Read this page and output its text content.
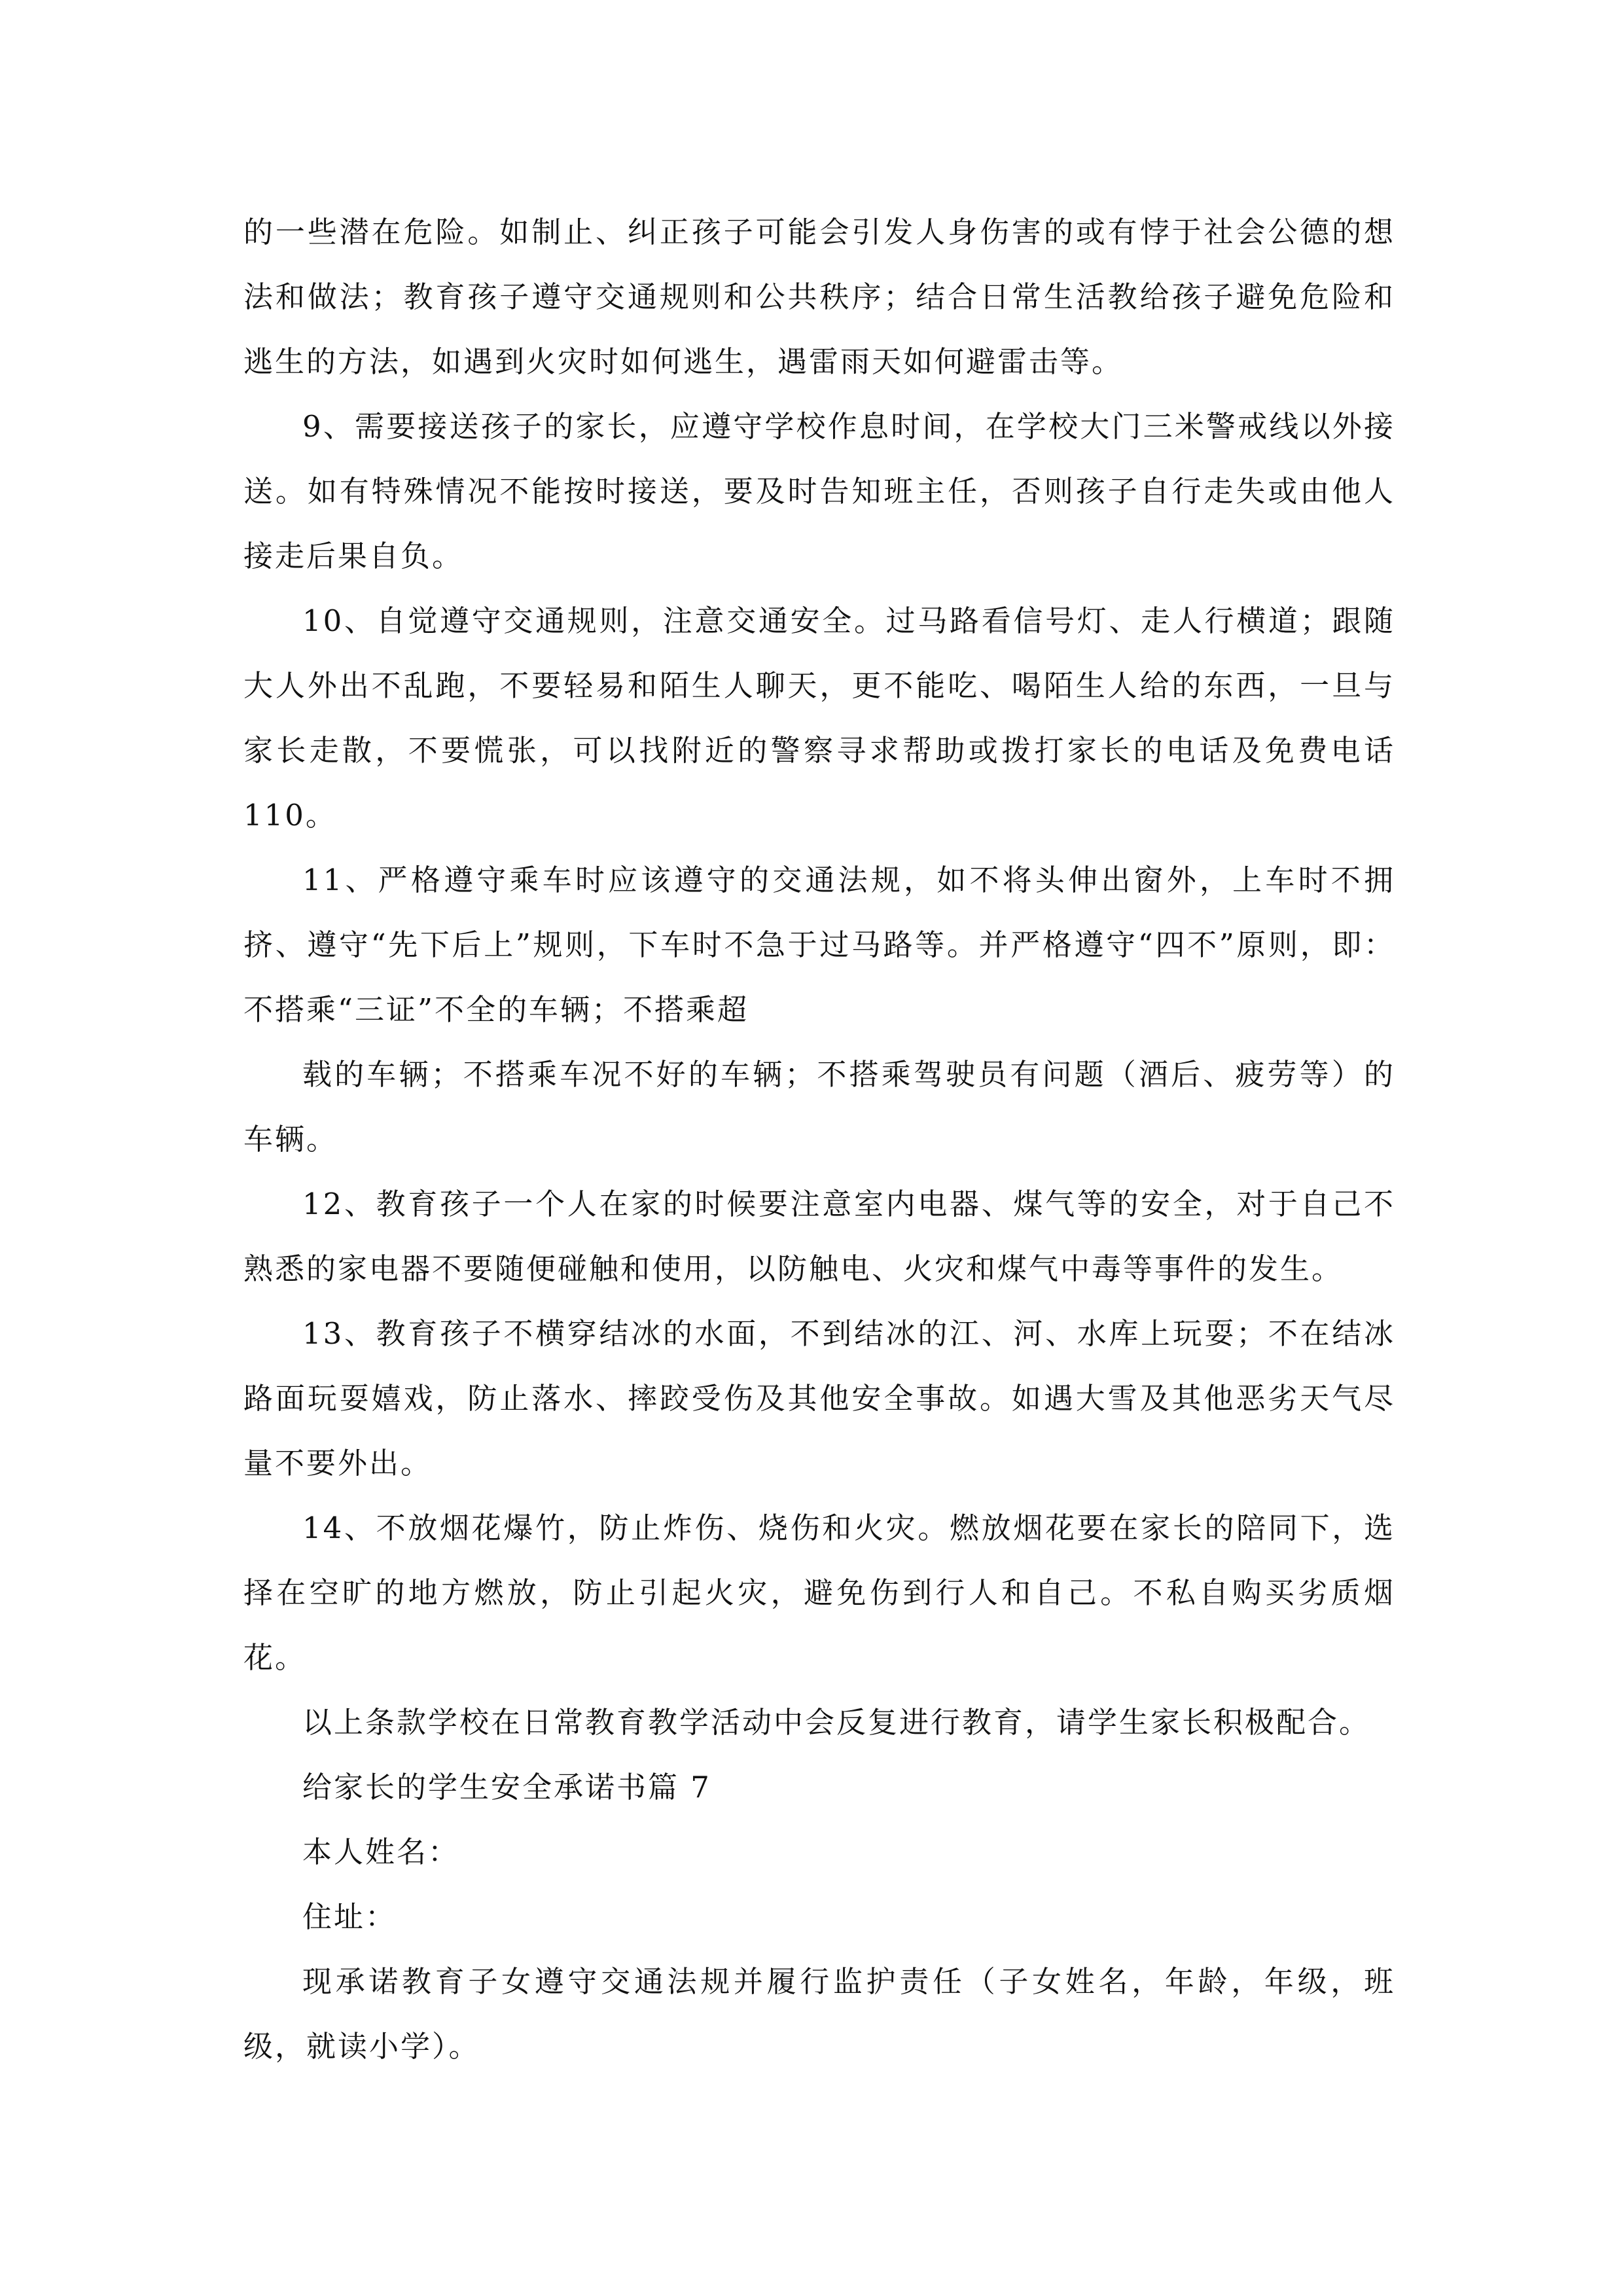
的一些潜在危险。如制止、纠正孩子可能会引发人身伤害的或有悖于社会公德的想法和做法；教育孩子遵守交通规则和公共秩序；结合日常生活教给孩子避免危险和逃生的方法，如遇到火灾时如何逃生，遇雷雨天如何避雷击等。

9、需要接送孩子的家长，应遵守学校作息时间，在学校大门三米警戒线以外接送。如有特殊情况不能按时接送，要及时告知班主任，否则孩子自行走失或由他人接走后果自负。

10、自觉遵守交通规则，注意交通安全。过马路看信号灯、走人行横道；跟随大人外出不乱跑，不要轻易和陌生人聊天，更不能吃、喝陌生人给的东西，一旦与家长走散，不要慌张，可以找附近的警察寻求帮助或拨打家长的电话及免费电话 110。

11、严格遵守乘车时应该遵守的交通法规，如不将头伸出窗外，上车时不拥挤、遵守“先下后上”规则，下车时不急于过马路等。并严格遵守“四不”原则，即：不搭乘“三证”不全的车辆；不搭乘超

载的车辆；不搭乘车况不好的车辆；不搭乘驾驶员有问题（酒后、疲劳等）的车辆。

12、教育孩子一个人在家的时候要注意室内电器、煤气等的安全，对于自己不熟悉的家电器不要随便碰触和使用，以防触电、火灾和煤气中毒等事件的发生。

13、教育孩子不横穿结冰的水面，不到结冰的江、河、水库上玩耍；不在结冰路面玩耍嬉戏，防止落水、摔跤受伤及其他安全事故。如遇大雪及其他恶劣天气尽量不要外出。

14、不放烟花爆竹，防止炸伤、烧伤和火灾。燃放烟花要在家长的陪同下，选择在空旷的地方燃放，防止引起火灾，避免伤到行人和自己。不私自购买劣质烟花。

以上条款学校在日常教育教学活动中会反复进行教育，请学生家长积极配合。

给家长的学生安全承诺书篇 7

本人姓名：

住址：

现承诺教育子女遵守交通法规并履行监护责任（子女姓名，年龄，年级，班级，就读小学）。
